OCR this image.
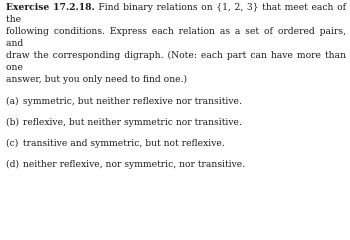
Exercise 17.2.18. Find binary relations on {1, 2, 3} that meet each of the
following conditions. Express each relation as a set of ordered pairs, and
draw the corresponding digraph. (Note: each part can have more than one
answer, but you only need to find one.)

(a) symmetric, but neither reflexive nor transitive.

(b) reflexive, but neither symmetric nor transitive.

(c) transitive and symmetric, but not reflexive.

(d) neither reflexive, nor symmetric, nor transitive.
